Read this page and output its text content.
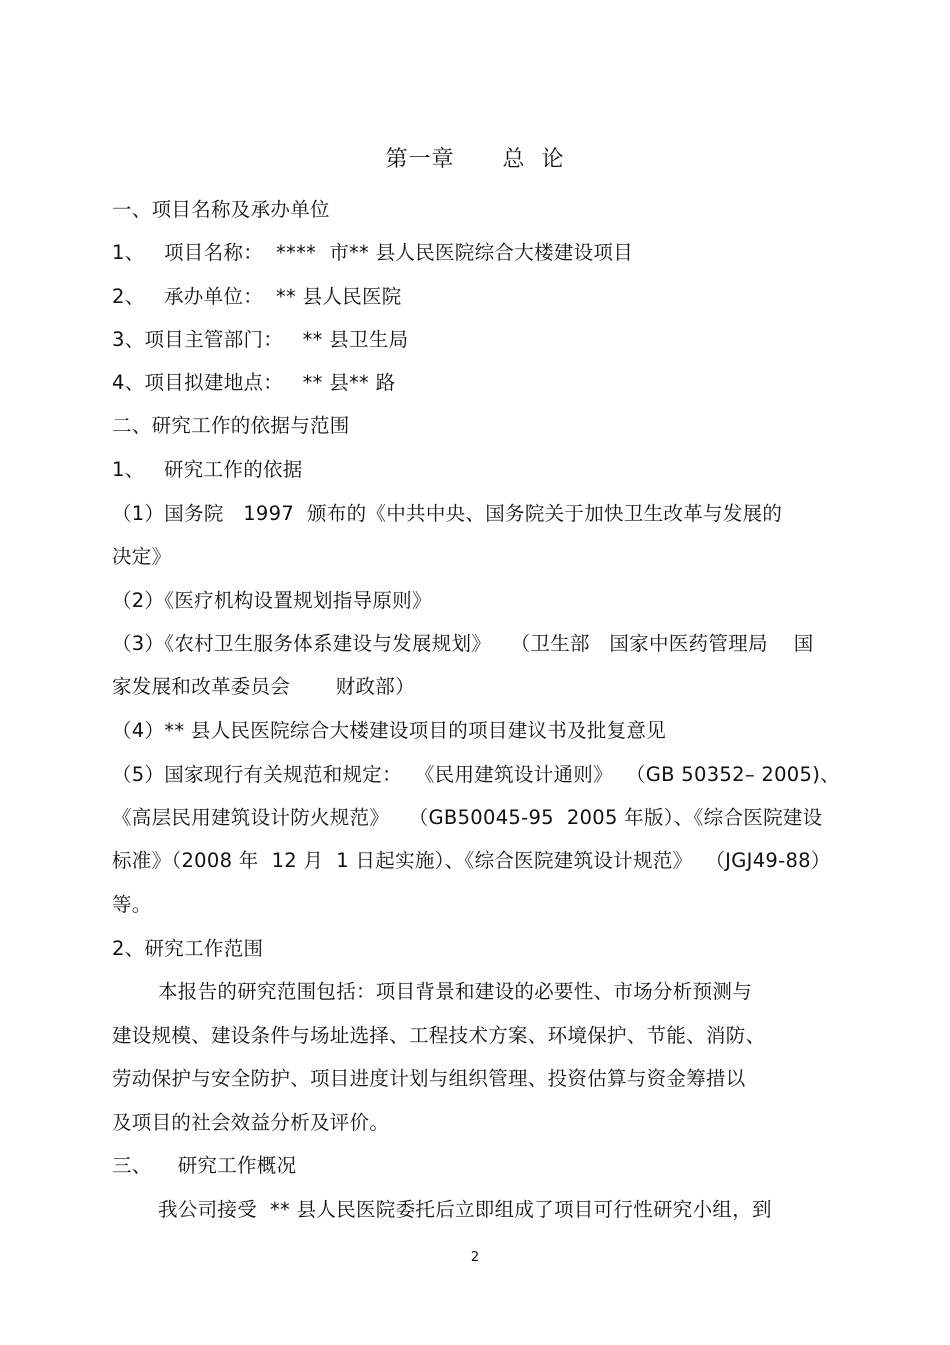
第一章      总  论
一、项目名称及承办单位
1、   项目名称：  ****  市** 县人民医院综合大楼建设项目
2、   承办单位：  ** 县人民医院
3、项目主管部门：   ** 县卫生局
4、项目拟建地点：   ** 县** 路
二、研究工作的依据与范围
1、   研究工作的依据
（1）国务院   1997  颁布的《中共中央、国务院关于加快卫生改革与发展的
决定》
（2）《医疗机构设置规划指导原则》
（3）《农村卫生服务体系建设与发展规划》   （卫生部   国家中医药管理局    国
家发展和改革委员会       财政部）
（4）** 县人民医院综合大楼建设项目的项目建议书及批复意见
（5）国家现行有关规范和规定：  《民用建筑设计通则》  （GB 50352– 2005)、
《高层民用建筑设计防火规范》   （GB50045-95  2005 年版）、《综合医院建设
标准》（2008 年  12 月  1 日起实施）、《综合医院建筑设计规范》  （JGJ49-88）
等。
2、研究工作范围
本报告的研究范围包括：项目背景和建设的必要性、市场分析预测与
建设规模、建设条件与场址选择、工程技术方案、环境保护、节能、消防、
劳动保护与安全防护、项目进度计划与组织管理、投资估算与资金筹措以
及项目的社会效益分析及评价。
三、    研究工作概况
我公司接受  ** 县人民医院委托后立即组成了项目可行性研究小组，到
2
